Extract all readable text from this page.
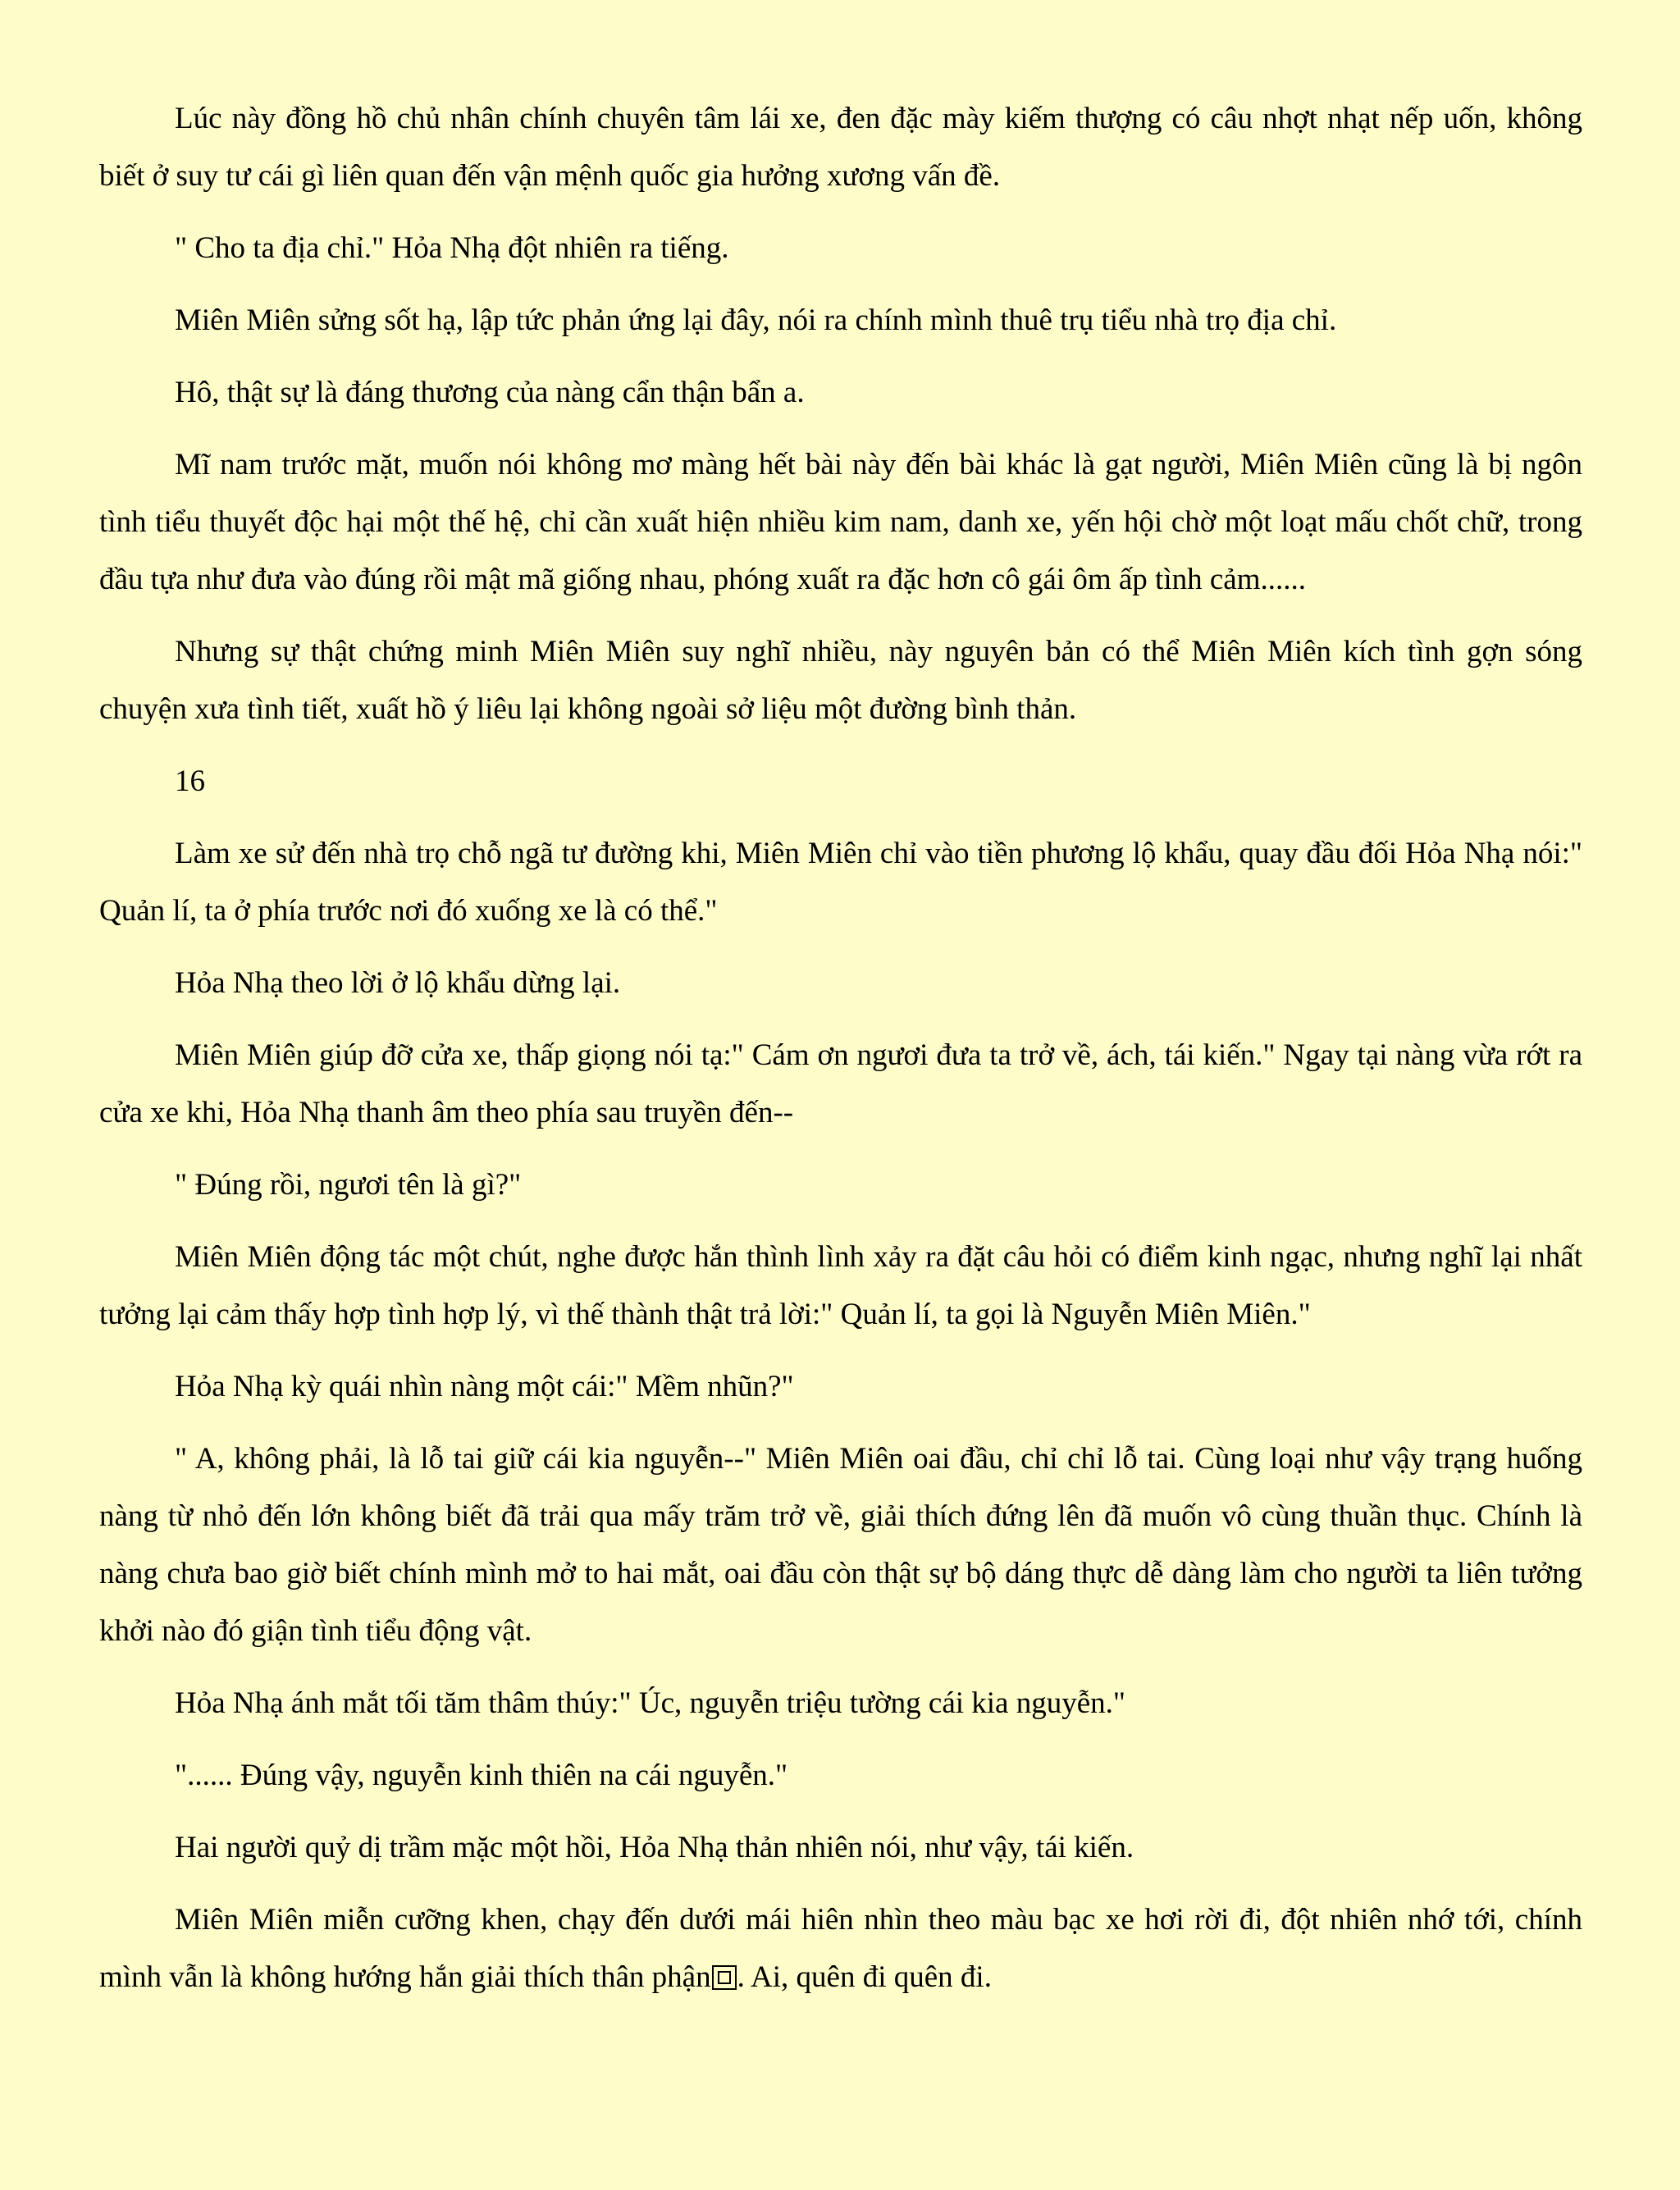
Lúc này đồng hồ chủ nhân chính chuyên tâm lái xe, đen đặc mày kiếm thượng có câu nhợt nhạt nếp uốn, không biết ở suy tư cái gì liên quan đến vận mệnh quốc gia hưởng xương vấn đề.

" Cho ta địa chỉ." Hỏa Nhạ đột nhiên ra tiếng.

Miên Miên sửng sốt hạ, lập tức phản ứng lại đây, nói ra chính mình thuê trụ tiểu nhà trọ địa chỉ.

Hô, thật sự là đáng thương của nàng cẩn thận bẩn a.

Mĩ nam trước mặt, muốn nói không mơ màng hết bài này đến bài khác là gạt người, Miên Miên cũng là bị ngôn tình tiểu thuyết độc hại một thế hệ, chỉ cần xuất hiện nhiều kim nam, danh xe, yến hội chờ một loạt mấu chốt chữ, trong đầu tựa như đưa vào đúng rồi mật mã giống nhau, phóng xuất ra đặc hơn cô gái ôm ấp tình cảm......

Nhưng sự thật chứng minh Miên Miên suy nghĩ nhiều, này nguyên bản có thể Miên Miên kích tình gợn sóng chuyện xưa tình tiết, xuất hồ ý liêu lại không ngoài sở liệu một đường bình thản.

16

Làm xe sử đến nhà trọ chỗ ngã tư đường khi, Miên Miên chỉ vào tiền phương lộ khẩu, quay đầu đối Hỏa Nhạ nói:" Quản lí, ta ở phía trước nơi đó xuống xe là có thể."

Hỏa Nhạ theo lời ở lộ khẩu dừng lại.

Miên Miên giúp đỡ cửa xe, thấp giọng nói tạ:" Cám ơn ngươi đưa ta trở về, ách, tái kiến." Ngay tại nàng vừa rớt ra cửa xe khi, Hỏa Nhạ thanh âm theo phía sau truyền đến--

" Đúng rồi, ngươi tên là gì?"

Miên Miên động tác một chút, nghe được hắn thình lình xảy ra đặt câu hỏi có điểm kinh ngạc, nhưng nghĩ lại nhất tưởng lại cảm thấy hợp tình hợp lý, vì thế thành thật trả lời:" Quản lí, ta gọi là Nguyễn Miên Miên."

Hỏa Nhạ kỳ quái nhìn nàng một cái:" Mềm nhũn?"

" A, không phải, là lỗ tai giữ cái kia nguyễn--" Miên Miên oai đầu, chỉ chỉ lỗ tai. Cùng loại như vậy trạng huống nàng từ nhỏ đến lớn không biết đã trải qua mấy trăm trở về, giải thích đứng lên đã muốn vô cùng thuần thục. Chính là nàng chưa bao giờ biết chính mình mở to hai mắt, oai đầu còn thật sự bộ dáng thực dễ dàng làm cho người ta liên tưởng khởi nào đó giận tình tiểu động vật.

Hỏa Nhạ ánh mắt tối tăm thâm thúy:" Úc, nguyễn triệu tường cái kia nguyễn."

"...... Đúng vậy, nguyễn kinh thiên na cái nguyễn."

Hai người quỷ dị trầm mặc một hồi, Hỏa Nhạ thản nhiên nói, như vậy, tái kiến.

Miên Miên miễn cưỡng khen, chạy đến dưới mái hiên nhìn theo màu bạc xe hơi rời đi, đột nhiên nhớ tới, chính mình vẫn là không hướng hắn giải thích thân phận . Ai, quên đi quên đi.
